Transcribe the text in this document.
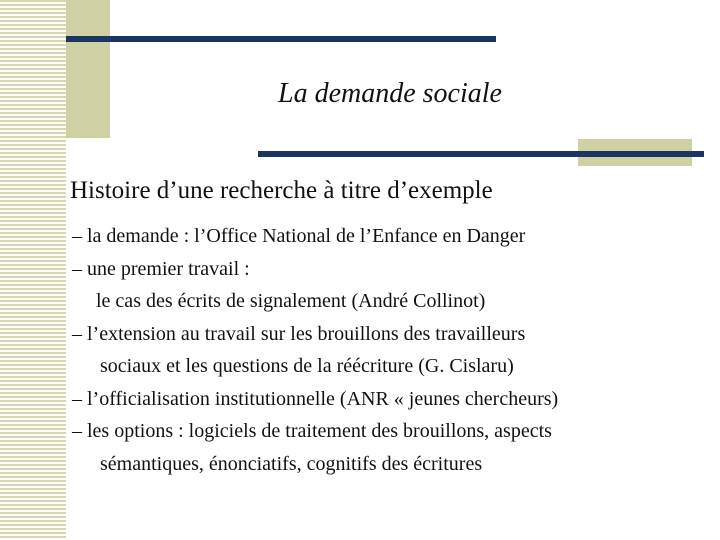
La demande sociale
Histoire d’une recherche à titre d’exemple
– la demande : l’Office National de l’Enfance en Danger
– une premier travail :
le cas des écrits de signalement (André Collinot)
– l’extension au travail sur les brouillons des travailleurs
sociaux et les questions de la réécriture (G. Cislaru)
– l’officialisation institutionnelle (ANR « jeunes chercheurs)
– les options : logiciels de traitement des brouillons, aspects
sémantiques, énonciatifs, cognitifs des écritures
